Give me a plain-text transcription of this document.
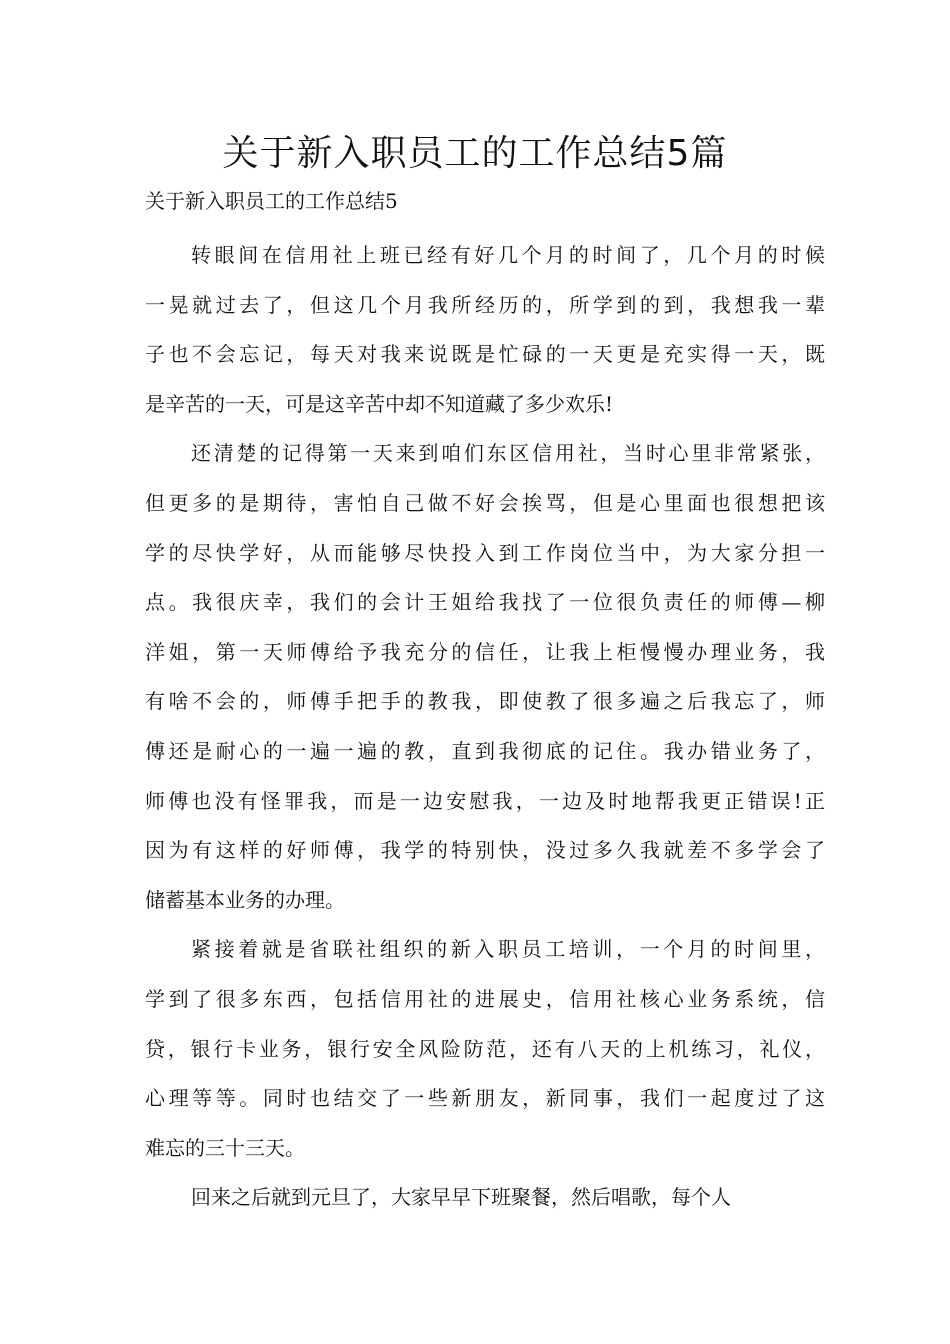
关于新入职员工的工作总结5篇

关于新入职员工的工作总结5

转眼间在信用社上班已经有好几个月的时间了，几个月的时候
一晃就过去了，但这几个月我所经历的，所学到的到，我想我一辈
子也不会忘记，每天对我来说既是忙碌的一天更是充实得一天，既
是辛苦的一天，可是这辛苦中却不知道藏了多少欢乐!

还清楚的记得第一天来到咱们东区信用社，当时心里非常紧张，
但更多的是期待，害怕自己做不好会挨骂，但是心里面也很想把该
学的尽快学好，从而能够尽快投入到工作岗位当中，为大家分担一
点。我很庆幸，我们的会计王姐给我找了一位很负责任的师傅—柳
洋姐，第一天师傅给予我充分的信任，让我上柜慢慢办理业务，我
有啥不会的，师傅手把手的教我，即使教了很多遍之后我忘了，师
傅还是耐心的一遍一遍的教，直到我彻底的记住。我办错业务了，
师傅也没有怪罪我，而是一边安慰我，一边及时地帮我更正错误!正
因为有这样的好师傅，我学的特别快，没过多久我就差不多学会了
储蓄基本业务的办理。

紧接着就是省联社组织的新入职员工培训，一个月的时间里，
学到了很多东西，包括信用社的进展史，信用社核心业务系统，信
贷，银行卡业务，银行安全风险防范，还有八天的上机练习，礼仪，
心理等等。同时也结交了一些新朋友，新同事，我们一起度过了这
难忘的三十三天。

回来之后就到元旦了，大家早早下班聚餐，然后唱歌，每个人
